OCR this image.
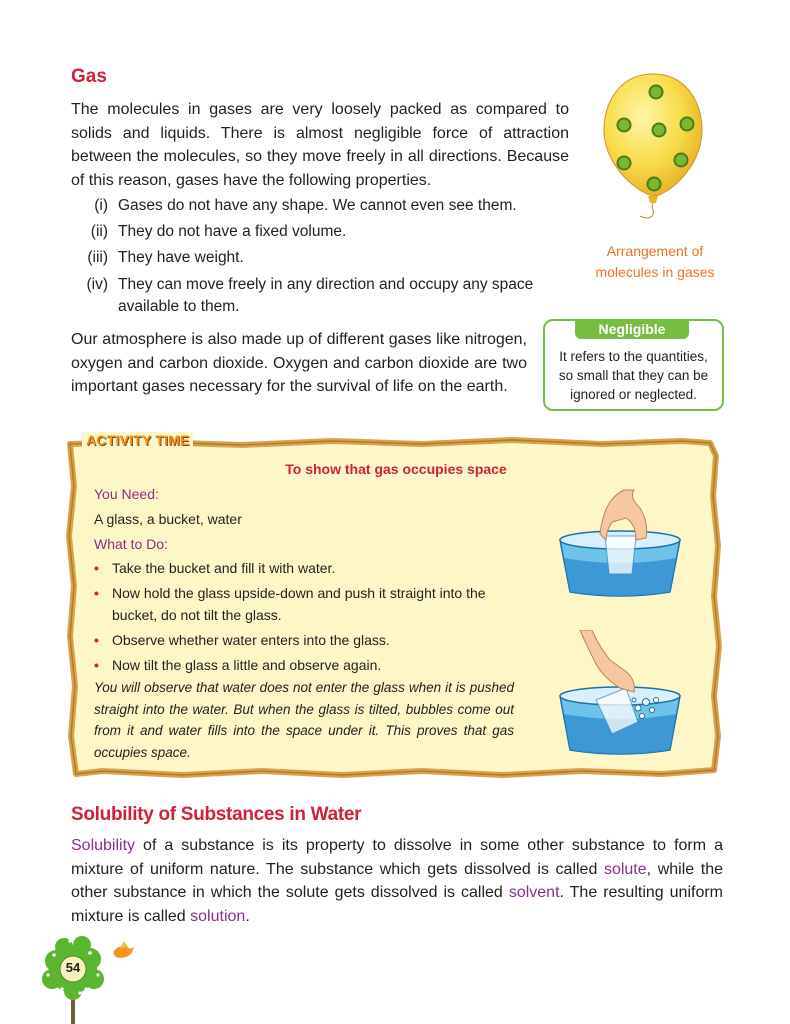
Gas
The molecules in gases are very loosely packed as compared to solids and liquids. There is almost negligible force of attraction between the molecules, so they move freely in all directions. Because of this reason, gases have the following properties.
(i) Gases do not have any shape. We cannot even see them.
(ii) They do not have a fixed volume.
(iii) They have weight.
(iv) They can move freely in any direction and occupy any space available to them.
Our atmosphere is also made up of different gases like nitrogen, oxygen and carbon dioxide. Oxygen and carbon dioxide are two important gases necessary for the survival of life on the earth.
Arrangement of
molecules in gases
Negligible
It refers to the quantities, so small that they can be ignored or neglected.
ACTIVITY TIME
To show that gas occupies space
You Need:
A glass, a bucket, water
What to Do:
• Take the bucket and fill it with water.
• Now hold the glass upside-down and push it straight into the bucket, do not tilt the glass.
• Observe whether water enters into the glass.
• Now tilt the glass a little and observe again.
You will observe that water does not enter the glass when it is pushed straight into the water. But when the glass is tilted, bubbles come out from it and water fills into the space under it. This proves that gas occupies space.
Solubility of Substances in Water
Solubility of a substance is its property to dissolve in some other substance to form a mixture of uniform nature. The substance which gets dissolved is called solute, while the other substance in which the solute gets dissolved is called solvent. The resulting uniform mixture is called solution.
54
